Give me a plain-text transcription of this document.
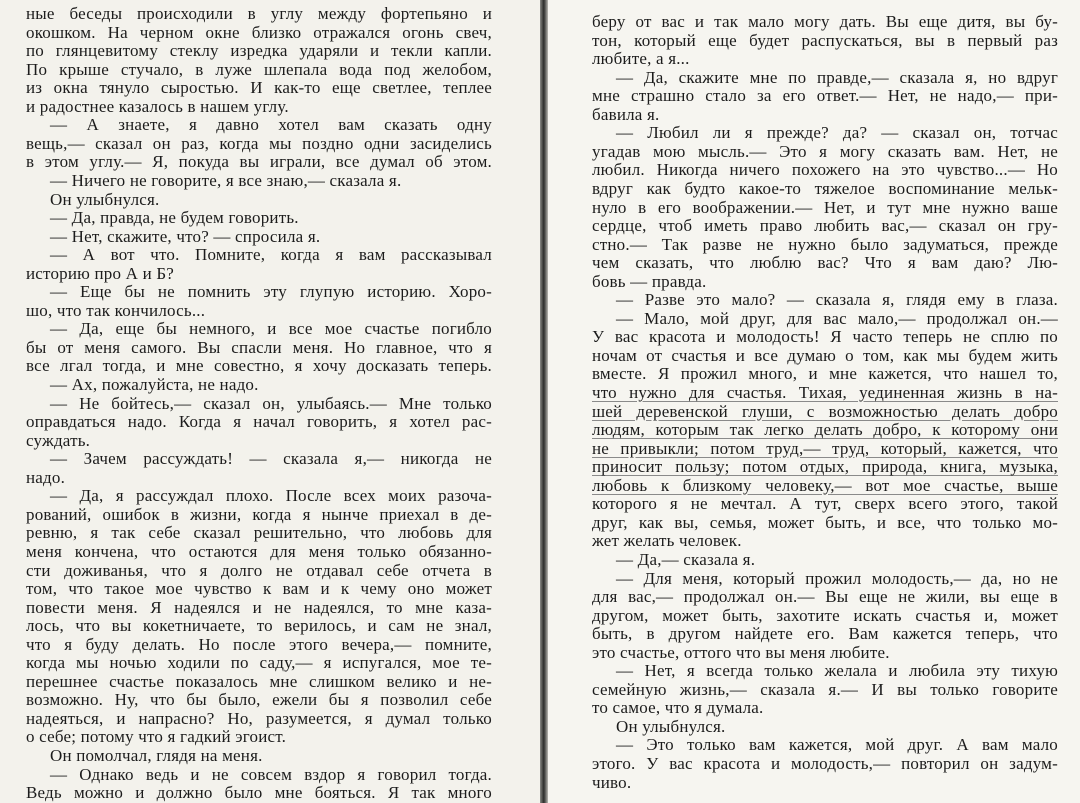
ные беседы происходили в углу между фортепьяно и
окошком. На черном окне близко отражался огонь свеч,
по глянцевитому стеклу изредка ударяли и текли капли.
По крыше стучало, в луже шлепала вода под желобом,
из окна тянуло сыростью. И как-то еще светлее, теплее
и радостнее казалось в нашем углу.
— А знаете, я давно хотел вам сказать одну
вещь,— сказал он раз, когда мы поздно одни засиделись
в этом углу.— Я, покуда вы играли, все думал об этом.
— Ничего не говорите, я все знаю,— сказала я.
Он улыбнулся.
— Да, правда, не будем говорить.
— Нет, скажите, что? — спросила я.
— А вот что. Помните, когда я вам рассказывал
историю про А и Б?
— Еще бы не помнить эту глупую историю. Хоро-
шо, что так кончилось...
— Да, еще бы немного, и все мое счастье погибло
бы от меня самого. Вы спасли меня. Но главное, что я
все лгал тогда, и мне совестно, я хочу досказать теперь.
— Ах, пожалуйста, не надо.
— Не бойтесь,— сказал он, улыбаясь.— Мне только
оправдаться надо. Когда я начал говорить, я хотел рас-
суждать.
— Зачем рассуждать! — сказала я,— никогда не
надо.
— Да, я рассуждал плохо. После всех моих разоча-
рований, ошибок в жизни, когда я нынче приехал в де-
ревню, я так себе сказал решительно, что любовь для
меня кончена, что остаются для меня только обязанно-
сти доживанья, что я долго не отдавал себе отчета в
том, что такое мое чувство к вам и к чему оно может
повести меня. Я надеялся и не надеялся, то мне каза-
лось, что вы кокетничаете, то верилось, и сам не знал,
что я буду делать. Но после этого вечера,— помните,
когда мы ночью ходили по саду,— я испугался, мое те-
перешнее счастье показалось мне слишком велико и не-
возможно. Ну, что бы было, ежели бы я позволил себе
надеяться, и напрасно? Но, разумеется, я думал только
о себе; потому что я гадкий эгоист.
Он помолчал, глядя на меня.
— Однако ведь и не совсем вздор я говорил тогда.
Ведь можно и должно было мне бояться. Я так много
беру от вас и так мало могу дать. Вы еще дитя, вы бу-
тон, который еще будет распускаться, вы в первый раз
любите, а я...
— Да, скажите мне по правде,— сказала я, но вдруг
мне страшно стало за его ответ.— Нет, не надо,— при-
бавила я.
— Любил ли я прежде? да? — сказал он, тотчас
угадав мою мысль.— Это я могу сказать вам. Нет, не
любил. Никогда ничего похожего на это чувство...— Но
вдруг как будто какое-то тяжелое воспоминание мельк-
нуло в его воображении.— Нет, и тут мне нужно ваше
сердце, чтоб иметь право любить вас,— сказал он гру-
стно.— Так разве не нужно было задуматься, прежде
чем сказать, что люблю вас? Что я вам даю? Лю-
бовь — правда.
— Разве это мало? — сказала я, глядя ему в глаза.
— Мало, мой друг, для вас мало,— продолжал он.—
У вас красота и молодость! Я часто теперь не сплю по
ночам от счастья и все думаю о том, как мы будем жить
вместе. Я прожил много, и мне кажется, что нашел то,
что нужно для счастья. Тихая, уединенная жизнь в на-
шей деревенской глуши, с возможностью делать добро
людям, которым так легко делать добро, к которому они
не привыкли; потом труд,— труд, который, кажется, что
приносит пользу; потом отдых, природа, книга, музыка,
любовь к близкому человеку,— вот мое счастье, выше
которого я не мечтал. А тут, сверх всего этого, такой
друг, как вы, семья, может быть, и все, что только мо-
жет желать человек.
— Да,— сказала я.
— Для меня, который прожил молодость,— да, но не
для вас,— продолжал он.— Вы еще не жили, вы еще в
другом, может быть, захотите искать счастья и, может
быть, в другом найдете его. Вам кажется теперь, что
это счастье, оттого что вы меня любите.
— Нет, я всегда только желала и любила эту тихую
семейную жизнь,— сказала я.— И вы только говорите
то самое, что я думала.
Он улыбнулся.
— Это только вам кажется, мой друг. А вам мало
этого. У вас красота и молодость,— повторил он задум-
чиво.
